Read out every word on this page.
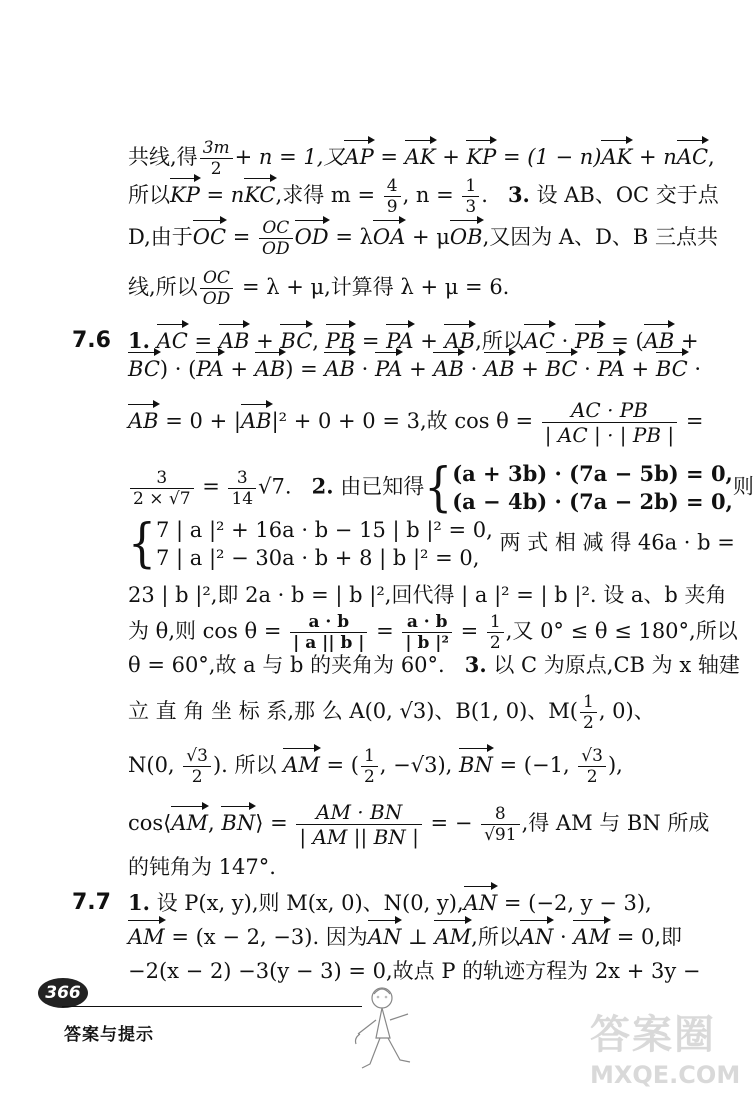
共线,得 $\frac{3m}{2} + n = 1$,又AP = AK + KP = (1 − n)AK + nAC,
所以KP = nKC,求得 $m = \frac{4}{9}$ , $n = \frac{1}{3}$ . 3. 设 AB、OC 交于点
D,由于OC = $\frac{OC}{OD}$ OD = λOA + μOB,又因为 A、D、B 三点共
线,所以 $\frac{OC}{OD} = \lambda + \mu$,计算得 λ + μ = 6.
7.6 1. AC = AB + BC, PB = PA + AB,所以AC · PB = (AB +
BC) · (PA + AB) = AB · PA + AB · AB + BC · PA + BC ·
AB = 0 + |AB|² + 0 + 0 = 3,故 $\cos \theta = \frac{AC \cdot PB}{| AC | \cdot | PB |}$ =
$\frac{3}{2 \times √7} = \frac{3}{14} √7$. 2. 由已知得{(a + 3b) · (7a − 5b) = 0,
(a − 4b) · (7a − 2b) = 0,则
{7 | a |² + 16a · b − 15 | b |² = 0,
7 | a |² − 30a · b + 8 | b |² = 0, 两 式 相 减 得 46a · b =
23 | b |²,即 2a · b = | b |²,回代得 | a |² = | b |². 设 a、b 夹角
为 θ,则 $\cos \theta = \frac{a \cdot b}{| a || b |} = \frac{a \cdot b}{\text{| b |²}} = \frac{1}{2}$ ,又 0° ≤ θ ≤ 180°,所以
θ = 60°,故 a 与 b 的夹角为 60°. 3. 以 C 为原点,CB 为 x 轴建
立 直 角 坐 标 系,那 么 A(0, √3)、B(1, 0)、$M( \frac{1}{2}$ , 0)、
N(0, $\frac{√3}{2}$ ). 所以 AM = ( $\frac{1}{2}$ , −√3), BN = (−1, $\frac{√3}{2}$ ),
cos⟨AM, BN⟩ = $\frac{AM \cdot BN}{| AM || BN |}$ = − $\frac{8}{√91}$ ,得 AM 与 BN 所成
的钝角为 147°.
7.7 1. 设 P(x, y),则 M(x, 0)、N(0, y),AN = (−2, y − 3),
AM = (x − 2, −3). 因为AN ⊥ AM,所以AN · AM = 0,即
−2(x − 2) −3(y − 3) = 0,故点 P 的轨迹方程为 2x + 3y −
366
答案与提示	答案圈
MXQE.COM
